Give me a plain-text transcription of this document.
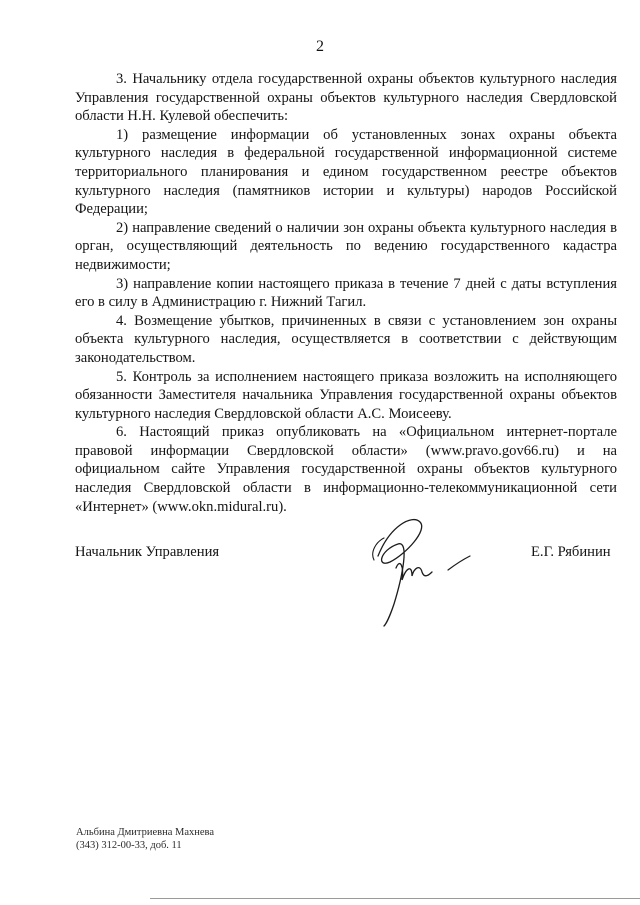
2

3. Начальнику отдела государственной охраны объектов культурного наследия Управления государственной охраны объектов культурного наследия Свердловской области Н.Н. Кулевой обеспечить:

1) размещение информации об установленных зонах охраны объекта культурного наследия в федеральной государственной информационной системе территориального планирования и едином государственном реестре объектов культурного наследия (памятников истории и культуры) народов Российской Федерации;

2) направление сведений о наличии зон охраны объекта культурного наследия в орган, осуществляющий деятельность по ведению государственного кадастра недвижимости;

3) направление копии настоящего приказа в течение 7 дней с даты вступления его в силу в Администрацию г. Нижний Тагил.

4. Возмещение убытков, причиненных в связи с установлением зон охраны объекта культурного наследия, осуществляется в соответствии с действующим законодательством.

5. Контроль за исполнением настоящего приказа возложить на исполняющего обязанности Заместителя начальника Управления государственной охраны объектов культурного наследия Свердловской области А.С. Моисееву.

6. Настоящий приказ опубликовать на «Официальном интернет-портале правовой информации Свердловской области» (www.pravo.gov66.ru) и на официальном сайте Управления государственной охраны объектов культурного наследия Свердловской области в информационно-телекоммуникационной сети «Интернет» (www.okn.midural.ru).

Начальник Управления	Е.Г. Рябинин
Альбина Дмитриевна Махнева
(343) 312-00-33, доб. 11
